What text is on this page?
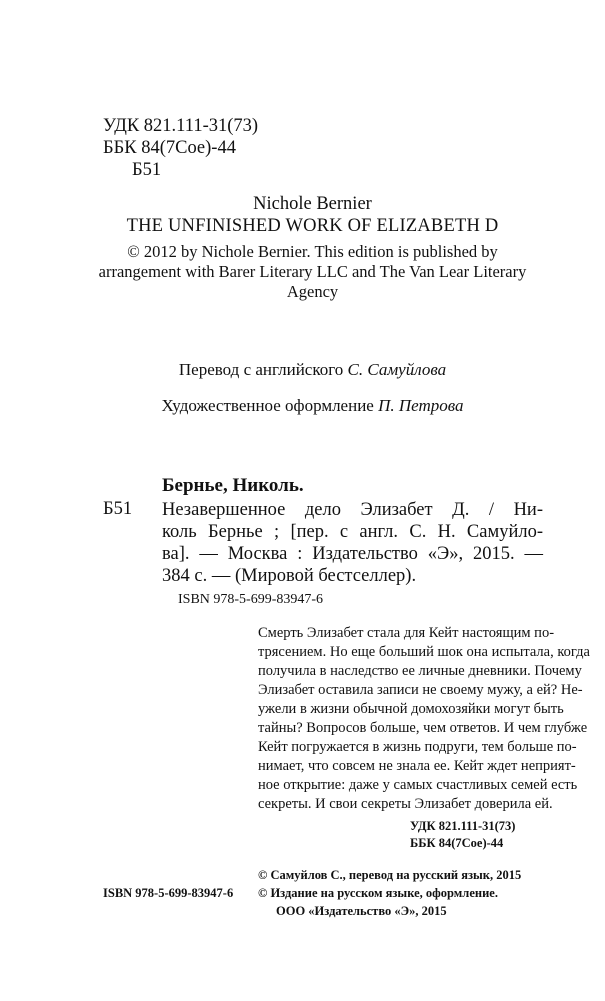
УДК 821.111-31(73)
ББК 84(7Сое)-44
Б51
Nichole Bernier
THE UNFINISHED WORK OF ELIZABETH D
© 2012 by Nichole Bernier. This edition is published by
arrangement with Barer Literary LLC and The Van Lear Literary
Agency
Перевод с английского С. Самуйлова
Художественное оформление П. Петрова
Бернье, Николь.
Б51 Незавершенное дело Элизабет Д. / Ни-
коль Бернье ; [пер. с англ. С. Н. Самуйло-
ва]. — Москва : Издательство «Э», 2015. —
384 с. — (Мировой бестселлер).
ISBN 978-5-699-83947-6
Смерть Элизабет стала для Кейт настоящим по-
трясением. Но еще больший шок она испытала, когда
получила в наследство ее личные дневники. Почему
Элизабет оставила записи не своему мужу, а ей? Не-
ужели в жизни обычной домохозяйки могут быть
тайны? Вопросов больше, чем ответов. И чем глубже
Кейт погружается в жизнь подруги, тем больше по-
нимает, что совсем не знала ее. Кейт ждет неприят-
ное открытие: даже у самых счастливых семей есть
секреты. И свои секреты Элизабет доверила ей.
УДК 821.111-31(73)
ББК 84(7Сое)-44
ISBN 978-5-699-83947-6
© Самуйлов С., перевод на русский язык, 2015
© Издание на русском языке, оформление.
ООО «Издательство «Э», 2015
